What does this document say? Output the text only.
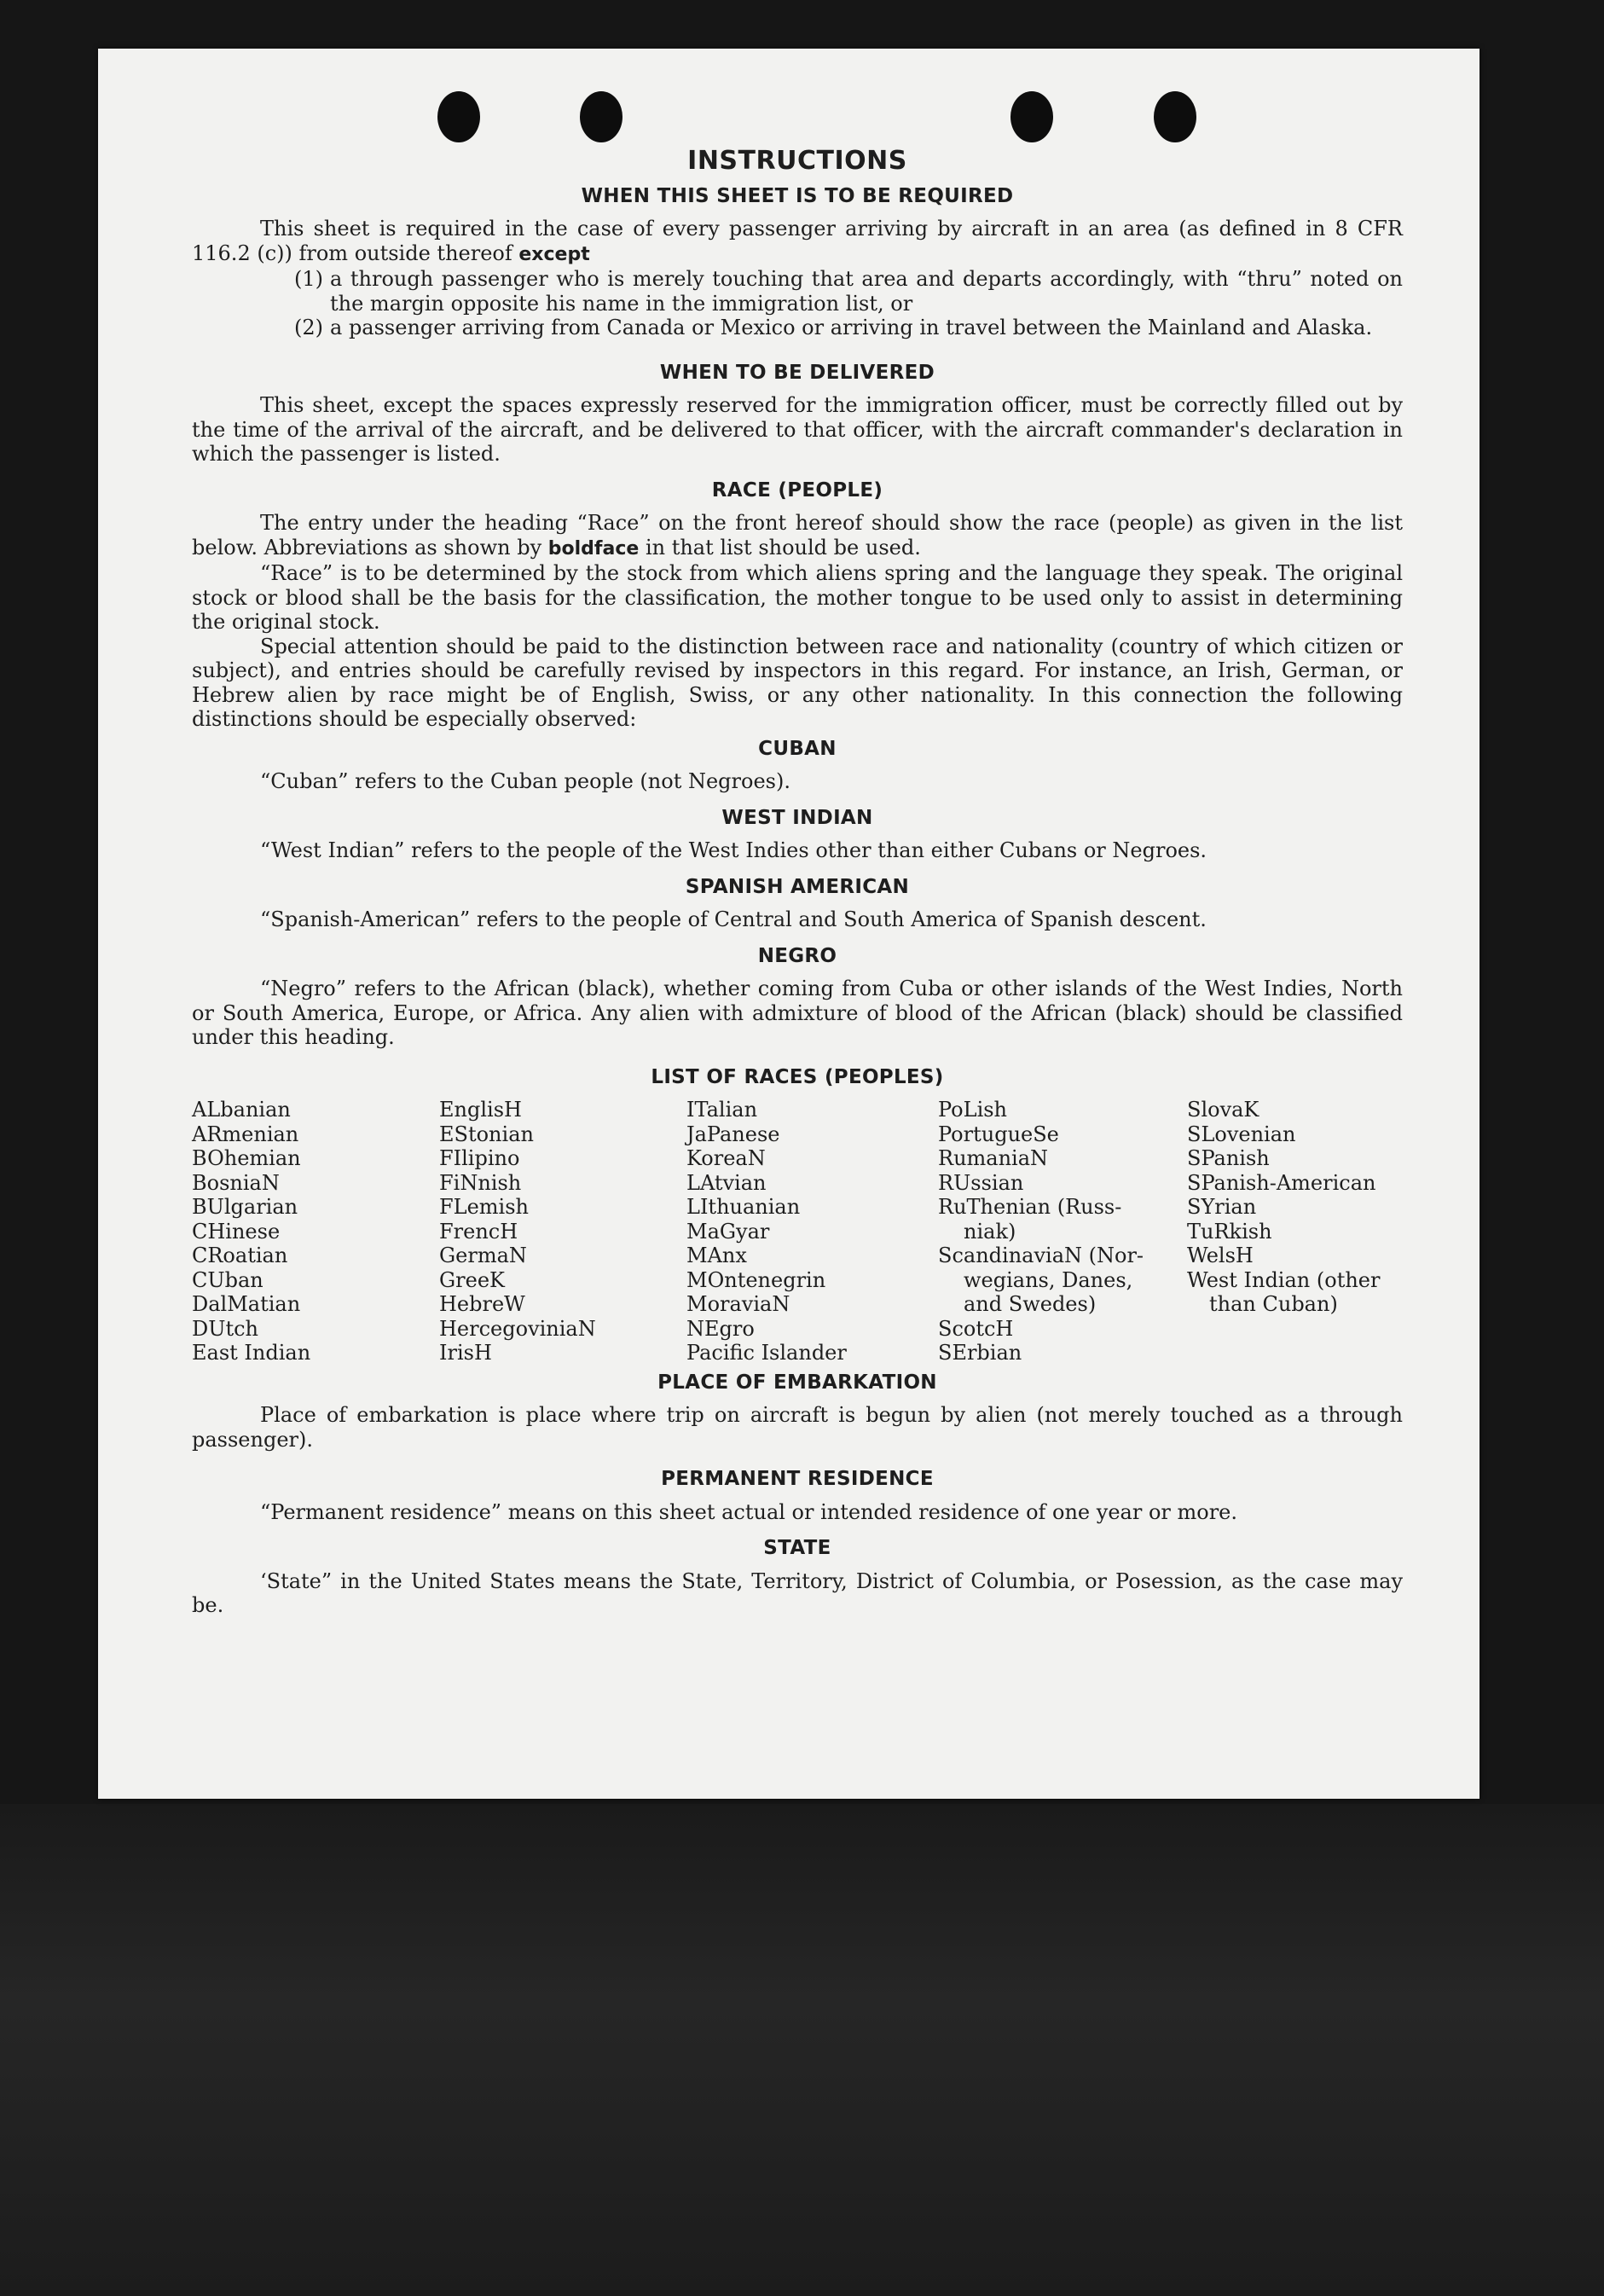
INSTRUCTIONS
WHEN THIS SHEET IS TO BE REQUIRED

This sheet is required in the case of every passenger arriving by aircraft in an area (as defined in 8 CFR 116.2 (c)) from outside thereof except

(1) a through passenger who is merely touching that area and departs accordingly, with “thru” noted on the margin opposite his name in the immigration list, or
(2) a passenger arriving from Canada or Mexico or arriving in travel between the Mainland and Alaska.
WHEN TO BE DELIVERED

This sheet, except the spaces expressly reserved for the immigration officer, must be correctly filled out by the time of the arrival of the aircraft, and be delivered to that officer, with the aircraft commander's declaration in which the passenger is listed.

RACE (PEOPLE)

The entry under the heading “Race” on the front hereof should show the race (people) as given in the list below. Abbreviations as shown by boldface in that list should be used.

“Race” is to be determined by the stock from which aliens spring and the language they speak. The original stock or blood shall be the basis for the classification, the mother tongue to be used only to assist in determining the original stock.

Special attention should be paid to the distinction between race and nationality (country of which citizen or subject), and entries should be carefully revised by inspectors in this regard. For instance, an Irish, German, or Hebrew alien by race might be of English, Swiss, or any other nationality. In this connection the following distinctions should be especially observed:

CUBAN

“Cuban” refers to the Cuban people (not Negroes).

WEST INDIAN

“West Indian” refers to the people of the West Indies other than either Cubans or Negroes.

SPANISH AMERICAN

“Spanish-American” refers to the people of Central and South America of Spanish descent.

NEGRO

“Negro” refers to the African (black), whether coming from Cuba or other islands of the West Indies, North or South America, Europe, or Africa. Any alien with admixture of blood of the African (black) should be classified under this heading.

LIST OF RACES (PEOPLES)
ALbanian
ARmenian
BOhemian
BosniaN
BUlgarian
CHinese
CRoatian
CUban
DalMatian
DUtch
East Indian
EnglisH
EStonian
FIlipino
FiNnish
FLemish
FrencH
GermaN
GreeK
HebreW
HercegoviniaN
IrisH
ITalian
JaPanese
KoreaN
LAtvian
LIthuanian
MaGyar
MAnx
MOntenegrin
MoraviaN
NEgro
Pacific Islander
PoLish
PortugueSe
RumaniaN
RUssian
RuThenian (Russ-
niak)
ScandinaviaN (Nor-
wegians, Danes,
and Swedes)
ScotcH
SErbian
SlovaK
SLovenian
SPanish
SPanish-American
SYrian
TuRkish
WelsH
West Indian (other
than Cuban)
PLACE OF EMBARKATION

Place of embarkation is place where trip on aircraft is begun by alien (not merely touched as a through passenger).

PERMANENT RESIDENCE

“Permanent residence” means on this sheet actual or intended residence of one year or more.

STATE

‘State” in the United States means the State, Territory, District of Columbia, or Posession, as the case may be.
